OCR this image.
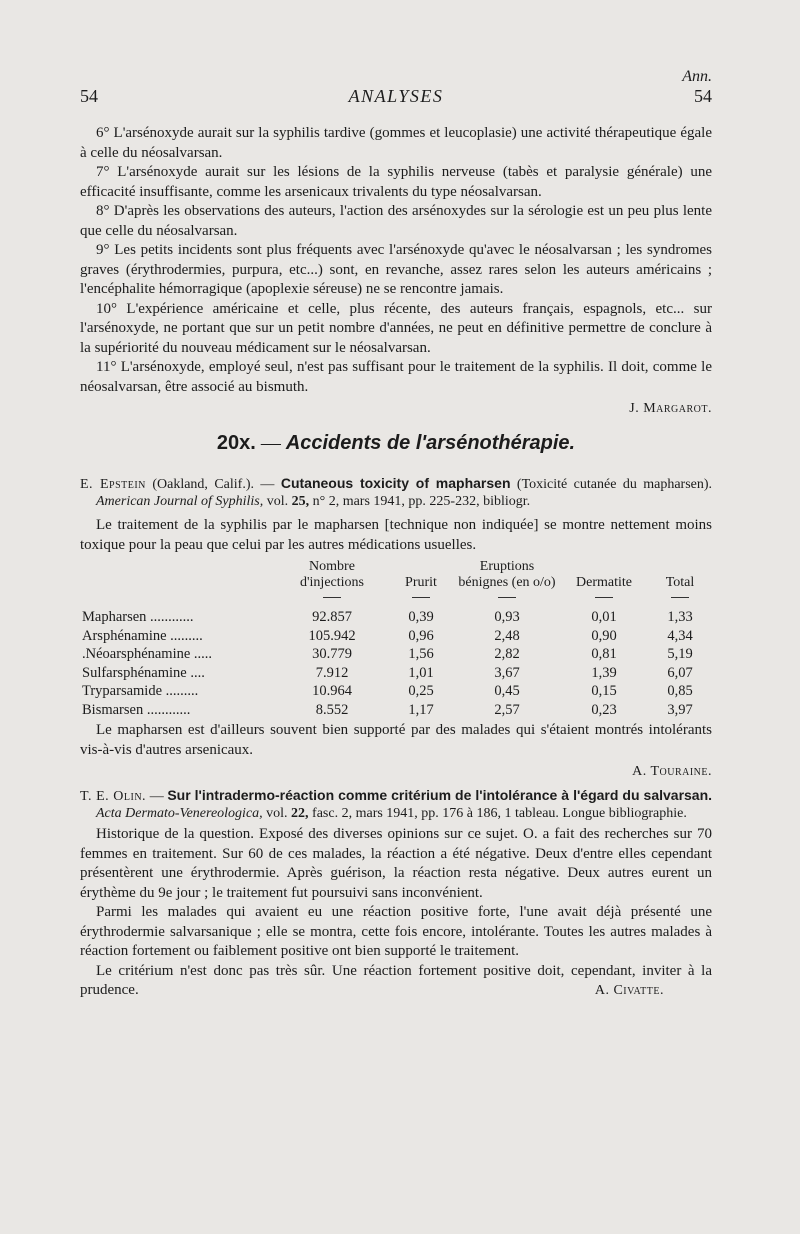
Ann.
54	ANALYSES	54

6° L'arsénoxyde aurait sur la syphilis tardive (gommes et leucoplasie) une activité thérapeutique égale à celle du néosalvarsan.

7° L'arsénoxyde aurait sur les lésions de la syphilis nerveuse (tabès et paralysie générale) une efficacité insuffisante, comme les arsenicaux trivalents du type néosalvarsan.

8° D'après les observations des auteurs, l'action des arsénoxydes sur la sérologie est un peu plus lente que celle du néosalvarsan.

9° Les petits incidents sont plus fréquents avec l'arsénoxyde qu'avec le néosalvarsan ; les syndromes graves (érythrodermies, purpura, etc...) sont, en revanche, assez rares selon les auteurs américains ; l'encéphalite hémorragique (apoplexie séreuse) ne se rencontre jamais.

10° L'expérience américaine et celle, plus récente, des auteurs français, espagnols, etc... sur l'arsénoxyde, ne portant que sur un petit nombre d'années, ne peut en définitive permettre de conclure à la supériorité du nouveau médicament sur le néosalvarsan.

11° L'arsénoxyde, employé seul, n'est pas suffisant pour le traitement de la syphilis. Il doit, comme le néosalvarsan, être associé au bismuth.

J. Margarot.
20x. — Accidents de l'arsénothérapie.
E. Epstein (Oakland, Calif.). — Cutaneous toxicity of mapharsen (Toxicité cutanée du mapharsen). American Journal of Syphilis, vol. 25, n° 2, mars 1941, pp. 225-232, bibliogr.

Le traitement de la syphilis par le mapharsen [technique non indiquée] se montre nettement moins toxique pour la peau que celui par les autres médications usuelles.

	Nombre d'injections	Prurit	Eruptions bénignes (en o/o)	Dermatite	Total

Mapharsen ............	92.857	0,39	0,93	0,01	1,33
Arsphénamine .........	105.942	0,96	2,48	0,90	4,34
.Néoarsphénamine .....	30.779	1,56	2,82	0,81	5,19
Sulfarsphénamine ....	7.912	1,01	3,67	1,39	6,07
Tryparsamide .........	10.964	0,25	0,45	0,15	0,85
Bismarsen ............	8.552	1,17	2,57	0,23	3,97

Le mapharsen est d'ailleurs souvent bien supporté par des malades qui s'étaient montrés intolérants vis-à-vis d'autres arsenicaux.

A. Touraine.
T. E. Olin. — Sur l'intradermo-réaction comme critérium de l'intolérance à l'égard du salvarsan. Acta Dermato-Venereologica, vol. 22, fasc. 2, mars 1941, pp. 176 à 186, 1 tableau. Longue bibliographie.

Historique de la question. Exposé des diverses opinions sur ce sujet. O. a fait des recherches sur 70 femmes en traitement. Sur 60 de ces malades, la réaction a été négative. Deux d'entre elles cependant présentèrent une érythrodermie. Après guérison, la réaction resta négative. Deux autres eurent un érythème du 9e jour ; le traitement fut poursuivi sans inconvénient.

Parmi les malades qui avaient eu une réaction positive forte, l'une avait déjà présenté une érythrodermie salvarsanique ; elle se montra, cette fois encore, intolérante. Toutes les autres malades à réaction fortement ou faiblement positive ont bien supporté le traitement.

Le critérium n'est donc pas très sûr. Une réaction fortement positive doit, cependant, inviter à la prudence.	A. Civatte.
